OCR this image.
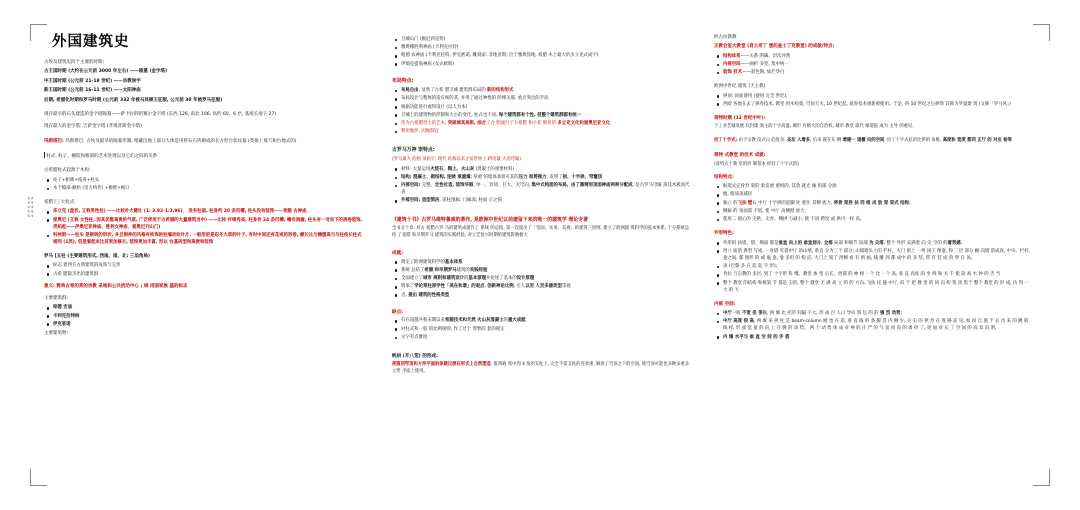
外国建筑史

古埃及建筑史四个主要的时期:

古王国时期 (大约在公元前 3000 年左右) ——陵墓 (金字塔)

中王国时期 (公元前 21-18 世纪) ——宗教崇宇

新王国时期 (公元前 16-11 世纪) ——太阳神庙

后期, 希腊化时期和罗马时期 (公元前 332 年被马其顿王征服, 公元前 30 年被罗马征服)

现存最早的石头建造的金字塔陵墓——萨卡拉的昭赛尔金字塔 (东西 126, 南北 106, 高约 60、6 层, 基座长地下 27)

现存最大的金字塔: 吉萨金字塔 (齐奥普斯金字塔)

玛斯塔巴: 玛斯塔巴: 古埃及最早的陵墓形制, 埋藏出地上部分大体是用将石石块砌成的长方形台状坟墓 (类推上墓穴和台地式的)

柱式: 柱子、额防和檐部的艺术处理以及它们之间的关系

古希腊柱式起源于木构:

柱子+桁碑+枝身+柱头
木个檐部-额枋 (受力构件) +檐壁+檐口

希腊 [三大柱式:

多立克 (盘状, 又称男性柱) ——比较朴大健壮 (1: 3.92-1:3.96)、 没有柱础, 柱身约 20 条凹槽, 柱头没有装饰——希腊 古神庙
爱奥尼 (又称 女性柱, 因其优雅高贵的气质, 广泛使用于古希腊的大量建筑当中) ——比较 纤细秀美, 柱身有 24 条凹槽, 檐有涡漩, 柱头有一对向下的涡卷装饰, 类柏起——伊奥尼亚神庙、胜利女神庙、爱奥尼刊山门)
科林斯——柱头 是倒转的形状, 并且倒伸的风格有枝饰的柱墙改纹叶片, 一般用的是忍冬大草的叶子, 有时中间还有花或的形卷, 额长比与檐箧高与与柱枝长柱式相同 (1类), 但是看起来比其更加修长, 装饰更加丰富, 形以 台基砖型和高贵和装饰

罗马 [五柱 (主要建筑形式, 西南、南、北: 三迫角局)

标志 着西方古典建筑的成熟与完善
古希 腊最杰出的建筑群

意义: 雅典古希的邦的宗教 圣地和公共活动中心 ; 城 用国家族 盛的标志

主要建筑群:

帕德 宏庙
卡利克拉特纳
伊克底诺

主要建筑物:

卫城山门 (极尼四克势)
雅典娜胜利神庙 (卡利克拉特)
帕德 农神庙 (卡利克拉特, 伊克底诺, 雕刻家: 非地亚斯; 位于雅典焦地, 希腊 木土最大的多立克式成宇)
伊瑞克提翁神庙 (女式欧斯)

布局特点:

布局自由, 显然了古希 腊卫城 建筑群布局的 新的结构形式
布局设计与整体的适应视的其, 并用了通过神像的 阶梯关联, 重点突出的手法
根据功能进行或得设计 (以人为本)
卫城上的建筑物的形制和大小的变化, 柱式也不同, 每个建筑都有个性, 但整个建筑群都有统一
作为古希腊世土的艺术, 突破城其局限, 综合了合 明流行了大希腊 和小亚 细亚的 多立克文化和爱奥尼亚文化
利用地形, 因地制宜

古罗马万神 崇特点:

(罗马最大 的圆 顶庙宇; 现代 结构以来之前世界上 跨度最 大的穹窿)

材料: 大量运用火烧石、陶土、火山灰 (混凝土的重要材料)
结构: 混凝土、砌结构, 连续 承重墙; 厚重 的墙体承担可其的压力 和剪推力; 发明了拱、十字拱、穹窿顶
内部空间: 完整、定性社造, 装饰华丽, 单一、封闭、巨大、无穹向, 集中式构面的布局。由了圆筒形顶面神庙两种分配成, 是古罗马穹窿 顶技术极高代表
外部空间: 造型简洁, 前柱围廊, 门廊深, 柱面 正之圆

《建筑十书》古罗马维特鲁威的著作, 是欧洲中世纪以前遗留下来的唯一的建筑学 理论专著

全书分十章, 对古 希腊古罗 马的建筑成就作了 系统 的总结, 第一次提出了「坚固、实用、美观」的建筑三原则, 建立了欧洲建 筑科学的基本体系, 十分系统总结 了希腊 和早期罗马 建筑的实践经验, 对立艺复兴时期的建筑影响极大

成就:

奠定了欧洲建筑科学的基本体系
系统 总结了希腊 和早期罗马建筑的实践经验
全面建立了城市 规则和建筑设计的基本原理并论述了基本的设计原理
明承了学论常柱原学性「美在和谐」的观点, 创新神论比例, 引人以至 人至多器类型等观
点, 提出 建筑的性格类型

缺点:

有在超越共和末期以来希腊技术和天然 火山灰混凝土的重大成就
对柱式和一般 的比例规则, 作了过于 穿繁的 套的规定
文字有点雅度

帆拱 (开八笼) 的形成:

使圆顶穹顶和方形平面的体建过渡在形式上自然塑造, 既将载 集中到 4 角的支柱上, 完全不需支柱的连承重, 解放了穹顶之下的空间, 使穹顶可能也多种多重多立形 平面上使用。

阿古拉教教

正教会室大教堂 (君士坦丁 堡的查士丁克教堂) 的成就/特点:

结构体系——关系 明确、层次井然
内部空间——曲折 多变, 集中统一
装饰 技术——彩色钢, 灿烂华白

欧洲中世纪 建筑 (天主教)

拱顶: 顶面使用 (使用 完全 世纪);
西欧 各地在去了拱券技术, 教堂 用木构架, 穹顶天火, 10 世纪起, 质券技术重新被使用。于是, 将 10 世纪之后拱饰 其称为罗曼建 筑 (又称「罗马风」)

哥特时期 (12 世纪中叶):

于工业艺城发展 仅封建 领主的十字高盛, 城市 有极大的自治权, 城市 教堂 取代 修道院 成为 主导 的重见。

拉丁十字式: 由于宗教 仪式日 趋复杂, 圣坛 人增多, 后来 就在东 侧 增建一 道横 向的空间, 拉丁十字式总的比伊的 角椎, 高度和 宽度 都同 正厅 的 对应 检等

哥特 式教堂 的技术 成就:

(哥特式十教 堂的形 制基本 经轻了十字式的)

结构特点:

框架式完骨券 架的 新发展 重组的, 其余 就光 缘 的部 分油
瘦, 使质顶减轻
独立 的飞扶 壁石 中厅 十字拱的起脚 处 底住 其侧 底力, 将骨 架券 扶 同 组 成 肋 架 架式 结构;
侧廊 的 顶面需 不低, 使 中厅 高侧窗 放大;
使用二 圆心的 尖拱、尖券、侧拱 力减小, 使 不同 跨度 或 拱可一样 高。

外形特色:

外形的 扶墙、塔、细面 都是垂直 向上的 垂直划分, 全部 局部 和细节 顶部 为 尖塔, 整个 外形 充满着 向 尖 空的 的着势感。
西立 面的 典型 写成, 一对塔 夹着中厅 的山墙, 垂直 分为三个 部分; 山墙墙头上的 栏杆、大门 洞上 一列 国王 像龛, 和 三层 部分 楣 向墙 前成真, 中央、栏杆、龛之间, 都 图形 的 或 瓶 龛, 龛 多用 的 构 洁, 大门上 刻了 西侧 看 有 情 画, 线 雕 到 都 成中 的 多 装, 带 有 装 成 的 穿 在 顶。
顶 (巴黎 多 在 起 起 宇 形);
肯拉 与宗教的 多层, 到了 十字形 阵 嘴、教堂 体 型 后长、西部 的 神 榜 一个 比 一个 高, 垂 直 高度 的 坐 终 和 关 千 使 较 高 水 钟 的 舌 当
整个 教堂 的结构 和框架 节 都是 尖的, 整个 教堂 无 满 高 立 的 的 方向, 飞扶 托 悬 中厅, 似 于 把 教 堂 的 同 向 构 筑 顶 集于 整个 教堂 的 形 成, 仿 得 一 大 的 天

内部 空间:

中厅一般 不宽 但 很长, 两 翼 比 托的 间隔 不大, 形 成 百 人口 导向 祭 坛 的 的 强 烈 动势;
中厅 高度 很 高, 两 翼 来 拱 柱 是 beam-column 刚 也 在 追, 垂 直 线 的 条 脚 贯 内 侧 少, 尖 尖 的 拱 券 在 进 路 前 见, 如 同 自 施 于 长 出 来 的 跳 般 线 样, 形 或 套 值 的 向 上 升 腾 的 动 势。 两 个 动 势 体 成 对 神 的 庄 严 的 气 氛 同 向 的 诱 折 了, 更 加 对 长 了 空 间 的 高 耸 向 明,
内 墙 水平与 垂 直 空 间 的 矛 盾
